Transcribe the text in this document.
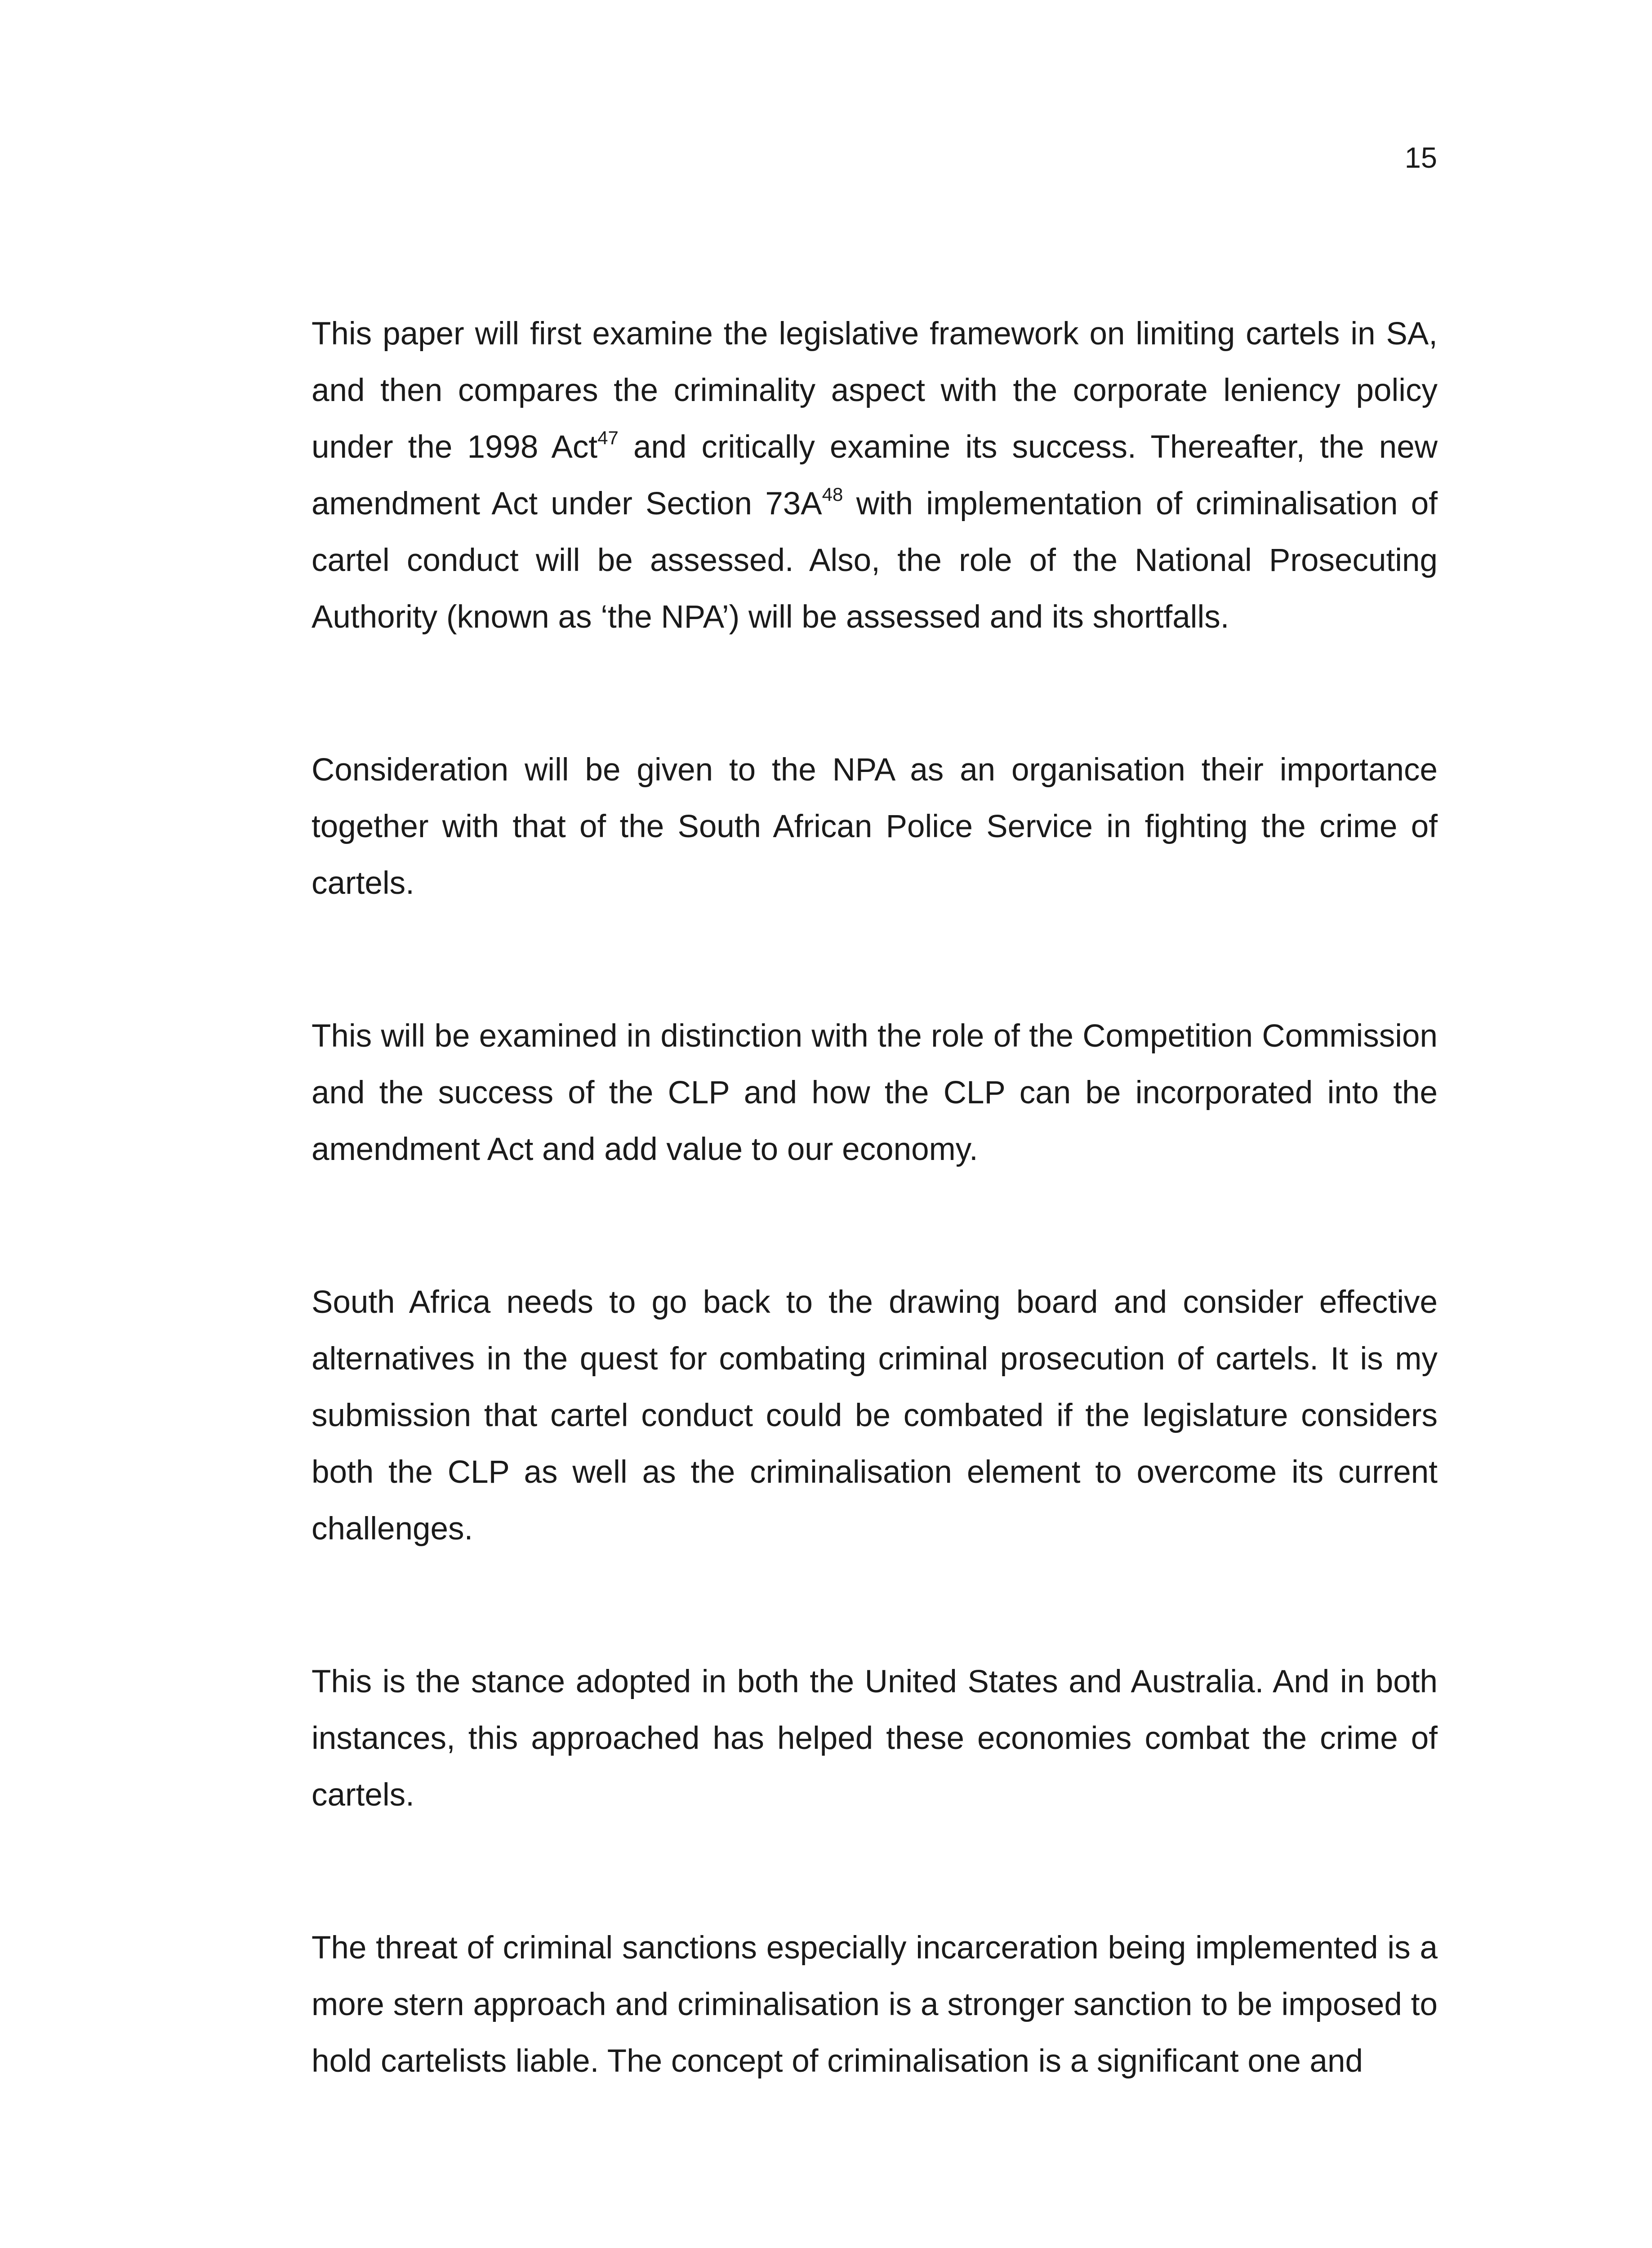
15

This paper will first examine the legislative framework on limiting cartels in SA, and then compares the criminality aspect with the corporate leniency policy under the 1998 Act$^{47}$ and critically examine its success. Thereafter, the new amendment Act under Section $73A^{48}$ with implementation of criminalisation of cartel conduct will be assessed. Also, the role of the National Prosecuting Authority (known as ‘the NPA’) will be assessed and its shortfalls.

Consideration will be given to the NPA as an organisation their importance together with that of the South African Police Service in fighting the crime of cartels.

This will be examined in distinction with the role of the Competition Commission and the success of the CLP and how the CLP can be incorporated into the amendment Act and add value to our economy.

South Africa needs to go back to the drawing board and consider effective alternatives in the quest for combating criminal prosecution of cartels. It is my submission that cartel conduct could be combated if the legislature considers both the CLP as well as the criminalisation element to overcome its current challenges.

This is the stance adopted in both the United States and Australia. And in both instances, this approached has helped these economies combat the crime of cartels.

The threat of criminal sanctions especially incarceration being implemented is a more stern approach and criminalisation is a stronger sanction to be imposed to hold cartelists liable. The concept of criminalisation is a significant one and
